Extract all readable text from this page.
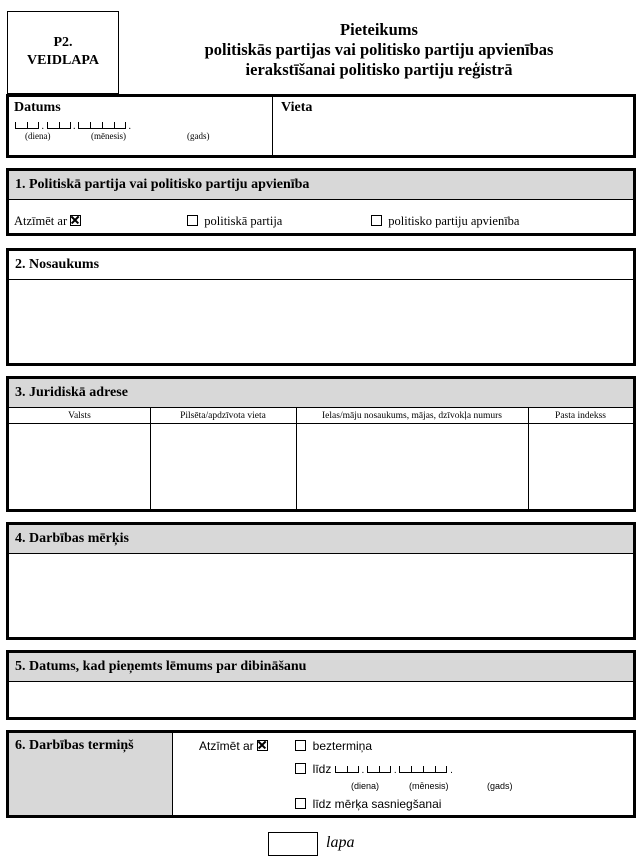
P2.
VEIDLAPA
Pieteikums
politiskās partijas vai politisko partiju apvienības
ierakstīšanai politisko partiju reģistrā
Datums
.  .	.
(diena)	(mēnesis)	(gads)
Vieta
1. Politiskā partija vai politisko partiju apvienība
Atzīmēt ar	politiskā partija	politisko partiju apvienība
2. Nosaukums
3. Juridiskā adrese
Valsts	Pilsēta/apdzīvota vieta	Ielas/māju nosaukums, mājas, dzīvokļa numurs	Pasta indekss
4. Darbības mērķis
5. Datums, kad pieņemts lēmums par dibināšanu
6. Darbības termiņš	Atzīmēt ar	beztermiņa
līdz	.  .	.
(diena)	(mēnesis)	(gads)
līdz mērķa sasniegšanai
lapa
